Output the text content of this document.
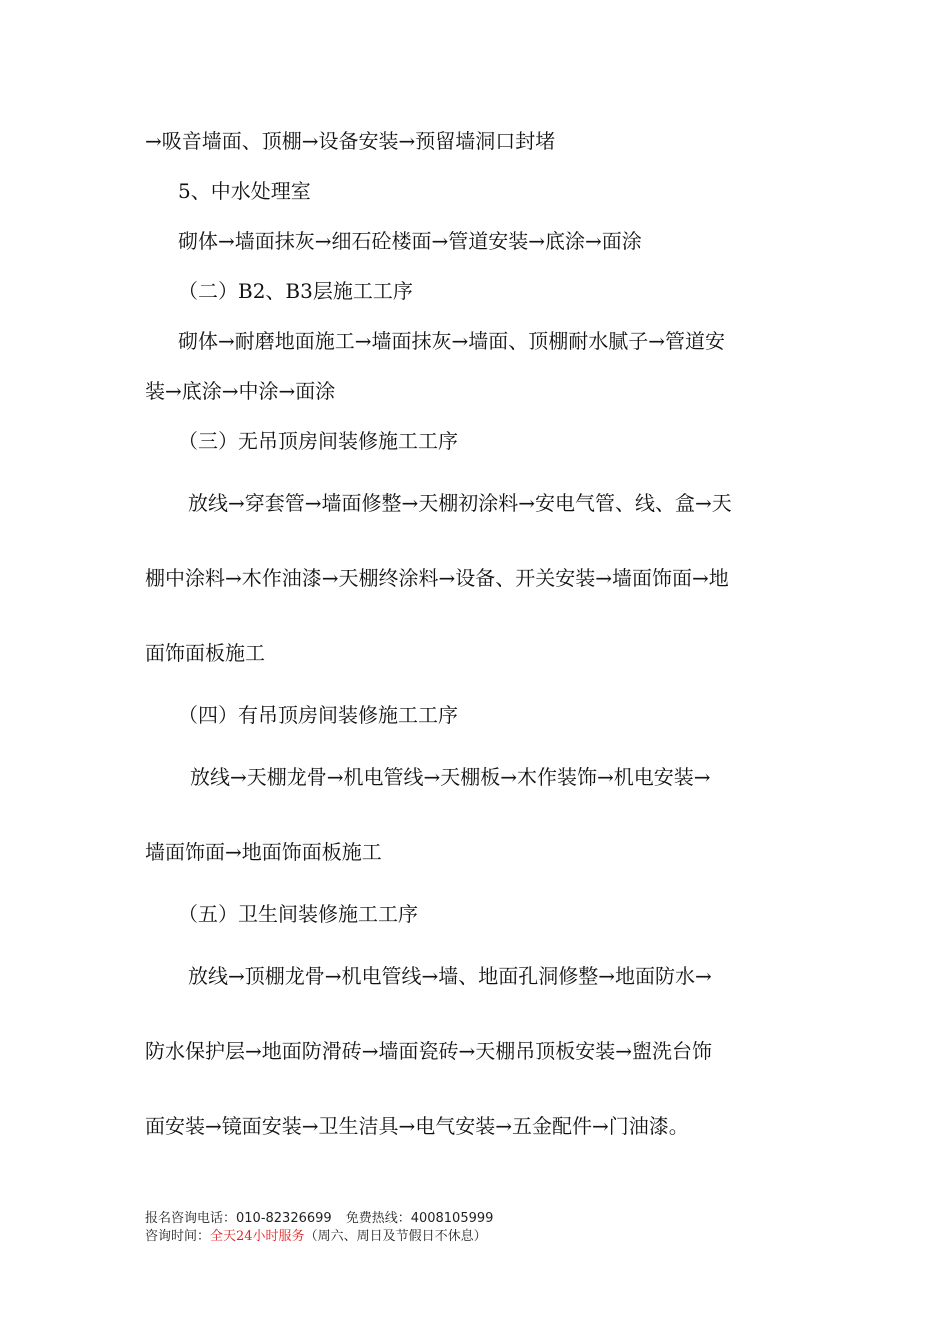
→吸音墙面、顶棚→设备安装→预留墙洞口封堵
5、中水处理室
砌体→墙面抹灰→细石砼楼面→管道安装→底涂→面涂
（二）B2、B3层施工工序
砌体→耐磨地面施工→墙面抹灰→墙面、顶棚耐水腻子→管道安
装→底涂→中涂→面涂
（三）无吊顶房间装修施工工序
放线→穿套管→墙面修整→天棚初涂料→安电气管、线、盒→天
棚中涂料→木作油漆→天棚终涂料→设备、开关安装→墙面饰面→地
面饰面板施工
（四）有吊顶房间装修施工工序
放线→天棚龙骨→机电管线→天棚板→木作装饰→机电安装→
墙面饰面→地面饰面板施工
（五）卫生间装修施工工序
放线→顶棚龙骨→机电管线→墙、地面孔洞修整→地面防水→
防水保护层→地面防滑砖→墙面瓷砖→天棚吊顶板安装→盥洗台饰
面安装→镜面安装→卫生洁具→电气安装→五金配件→门油漆。
报名咨询电话：010-82326699 免费热线：4008105999
咨询时间：全天24小时服务（周六、周日及节假日不休息）
